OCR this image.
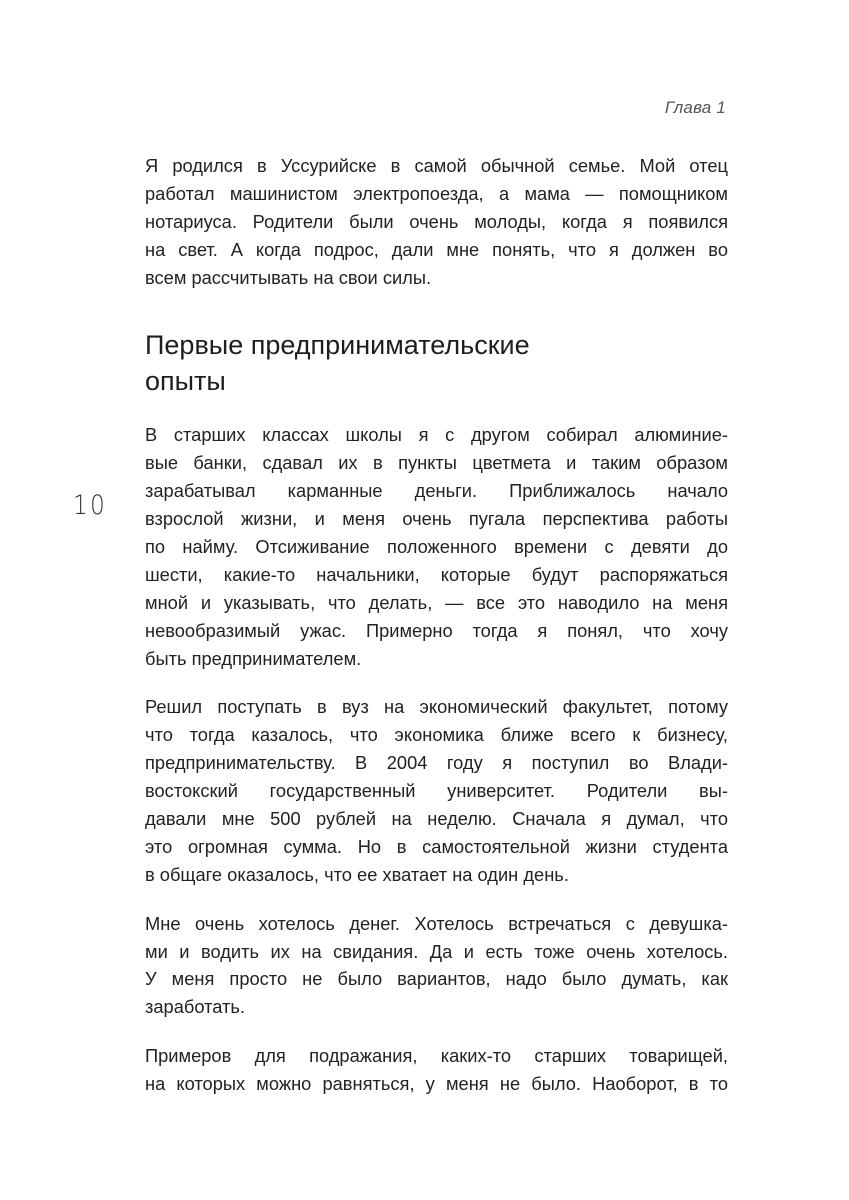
Глава 1
10

Я родился в Уссурийске в самой обычной семье. Мой отец
работал машинистом электропоезда, а мама — помощником
нотариуса. Родители были очень молоды, когда я появился
на свет. А когда подрос, дали мне понять, что я должен во
всем рассчитывать на свои силы.

Первые предпринимательские
опыты

В старших классах школы я с другом собирал алюминие-
вые банки, сдавал их в пункты цветмета и таким образом
зарабатывал карманные деньги. Приближалось начало
взрослой жизни, и меня очень пугала перспектива работы
по найму. Отсиживание положенного времени с девяти до
шести, какие-то начальники, которые будут распоряжаться
мной и указывать, что делать, — все это наводило на меня
невообразимый ужас. Примерно тогда я понял, что хочу
быть предпринимателем.

Решил поступать в вуз на экономический факультет, потому
что тогда казалось, что экономика ближе всего к бизнесу,
предпринимательству. В 2004 году я поступил во Влади-
востокский государственный университет. Родители вы-
давали мне 500 рублей на неделю. Сначала я думал, что
это огромная сумма. Но в самостоятельной жизни студента
в общаге оказалось, что ее хватает на один день.

Мне очень хотелось денег. Хотелось встречаться с девушка-
ми и водить их на свидания. Да и есть тоже очень хотелось.
У меня просто не было вариантов, надо было думать, как
заработать.

Примеров для подражания, каких-то старших товарищей,
на которых можно равняться, у меня не было. Наоборот, в то
